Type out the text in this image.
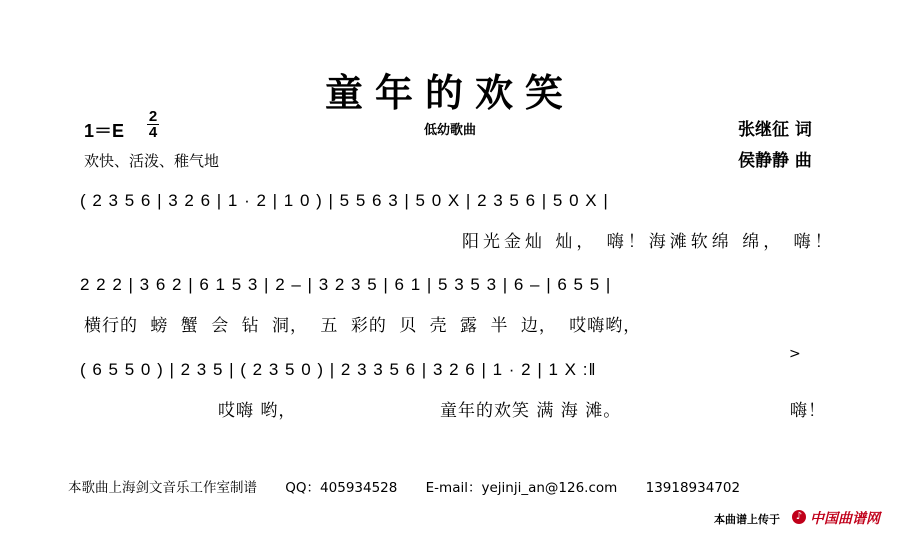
童年的欢笑
1＝E
2
4	低幼歌曲	张继征 词
侯静静 曲
欢快、活泼、稚气地
( 2 3 5 6 | 3 2 6 | 1 · 2 | 1 0 ) | 5 5 6 3 | 5 0 X | 2 3 5 6 | 5 0 X |
阳光金灿 灿， 嗨！海滩软绵 绵， 嗨！
2 2 2 | 3 6 2 | 6 1 5 3 | 2 – | 3 2 3 5 | 6 1 | 5 3 5 3 | 6 – | 6 5 5 |
横行的 螃 蟹 会 钻 洞， 五 彩的 贝 壳 露 半 边， 哎嗨哟，
( 6 5 5 0 ) | 2 3 5 | ( 2 3 5 0 ) | 2 3 3 5 6 | 3 2 6 | 1 · 2 | 1 X :‖
>
哎嗨 哟，	童年的欢笑 满 海 滩。	嗨！
本歌曲上海剑文音乐工作室制谱 QQ：405934528 E-mail：yejinji_an@126.com 13918934702
本曲谱上传于	♪ 中国曲谱网
